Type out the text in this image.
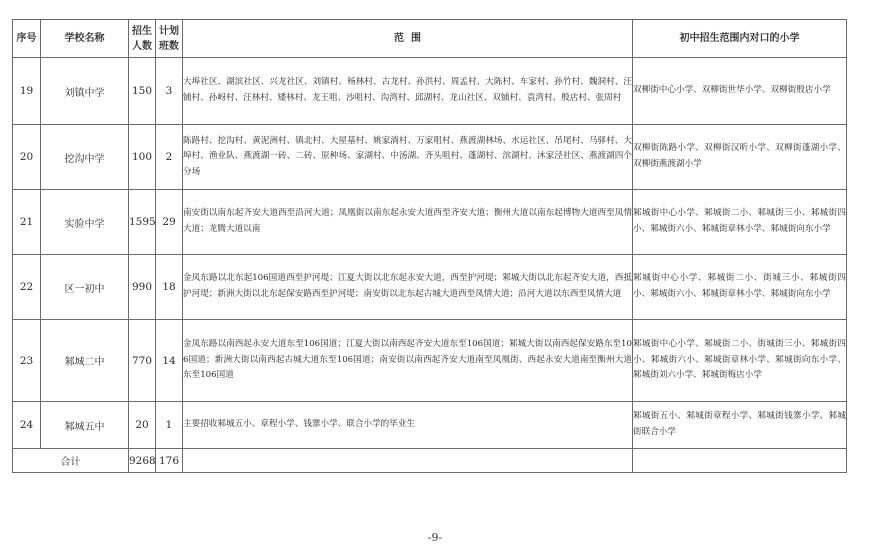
序号	学校名称	招生人数	计划班数	范  围	初中招生范围内对口的小学
19	刘镇中学	150	3	大埠社区、湖滨社区、兴龙社区、刘镇村、杨林村、古龙村、孙洪村、周孟村、大陈村、车家村、孙竹村、魏洞村、汪铺村、孙岈村、汪林村、矮林村、龙王咀、沙咀村、沟湾村、邱湖村、龙山社区、双铺村、袁湾村、殷店村、张周村	双柳街中心小学、双柳街世华小学、双柳街殷店小学
20	挖沟中学	100	2	陈路村、挖沟村、黄泥洲村、镇北村、大屋基村、姚家淌村、万家咀村、燕渡湖林场、水运社区、吊尾村、马驿村、大埠村、渔业队、燕渡湖一砖、二砖、原种场、家湖村、中汤湖、齐头咀村、蓬湖村、滨湖村、沐家泾社区、燕渡湖四个分场	双柳街陈路小学、双柳街汉昕小学、双柳街蓬湖小学、双柳街燕渡湖小学
21	实验中学	1595	29	南安街以南东起齐安大道西至沿河大道；凤凰街以南东起永安大道西至齐安大道；衡州大道以南东起博物大道西至凤情大道；龙腾大道以南	邾城街中心小学、邾城街二小、邾城街三小、邾城街四小、邾城街六小、邾城街章林小学、邾城街向东小学
22	区一初中	990	18	金凤东路以北东起106国道西至护河堤；江夏大街以北东起永安大道，西至护河堤；邾城大街以北东起齐安大道，西抵护河堤；新洲大街以北东起保安路西至护河堤；南安街以北东起古城大道西至凤情大道；沿河大道以东西至凤情大道	邾城街中心小学、邾城街二小、街城三小、邾城街四小、邾城街六小、邾城街章林小学、邾城街向东小学
23	邾城二中	770	14	金凤东路以南西起永安大道东至106国道；江夏大街以南西起齐安大道东至106国道；邾城大街以南西起保安路东至106国道；新洲大街以南西起古城大道东至106国道；南安街以南西起齐安大道南至凤凰街、西起永安大道南至衡州大道东至106国道	邾城街中心小学、邾城街二小、街城街三小、邾城街四小、邾城街六小、邾城街章林小学、邾城街向东小学、邾城街刘六小学、邾城街梅店小学
24	邾城五中	20	1	主要招收邾城五小、章程小学、钱寨小学、联合小学的毕业生	邾城街五小、邾城街章程小学、邾城街钱寨小学、邾城街联合小学
合计		9268	176		
-9-
